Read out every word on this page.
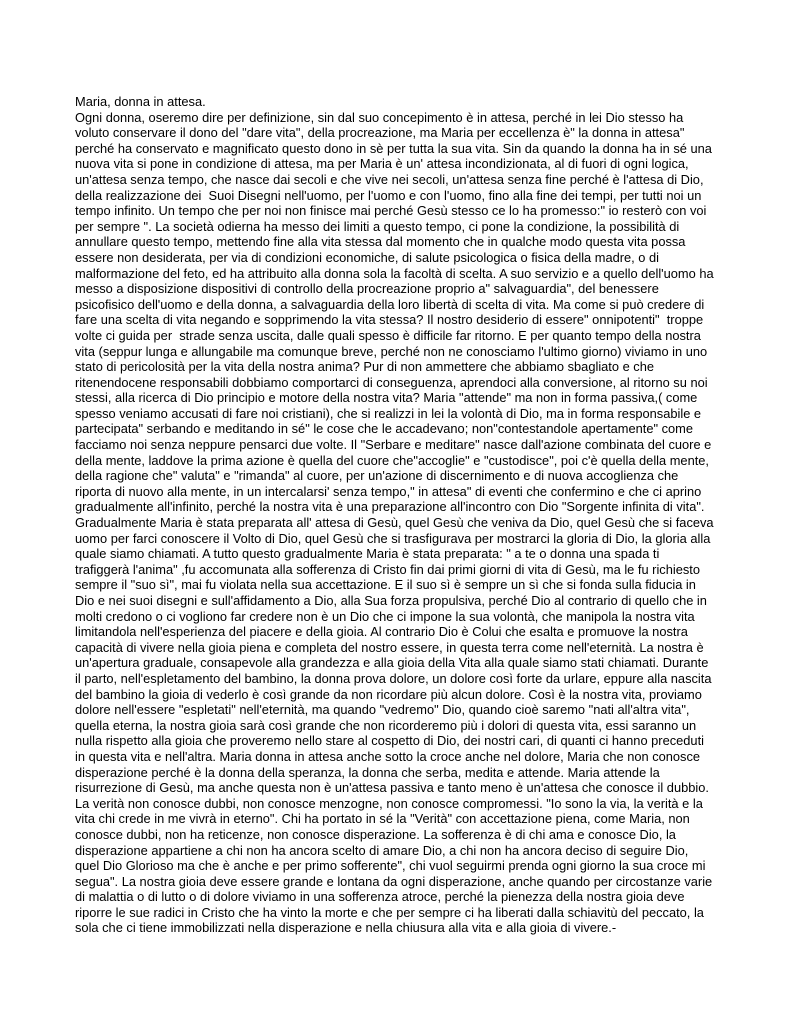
Maria, donna in attesa.
Ogni donna, oseremo dire per definizione, sin dal suo concepimento è in attesa, perché in lei Dio stesso ha
voluto conservare il dono del "dare vita", della procreazione, ma Maria per eccellenza è" la donna in attesa"
perché ha conservato e magnificato questo dono in sè per tutta la sua vita. Sin da quando la donna ha in sé una
nuova vita si pone in condizione di attesa, ma per Maria è un' attesa incondizionata, al di fuori di ogni logica,
un'attesa senza tempo, che nasce dai secoli e che vive nei secoli, un'attesa senza fine perché è l'attesa di Dio,
della realizzazione dei  Suoi Disegni nell'uomo, per l'uomo e con l'uomo, fino alla fine dei tempi, per tutti noi un
tempo infinito. Un tempo che per noi non finisce mai perché Gesù stesso ce lo ha promesso:" io resterò con voi
per sempre ". La società odierna ha messo dei limiti a questo tempo, ci pone la condizione, la possibilità di
annullare questo tempo, mettendo fine alla vita stessa dal momento che in qualche modo questa vita possa
essere non desiderata, per via di condizioni economiche, di salute psicologica o fisica della madre, o di
malformazione del feto, ed ha attribuito alla donna sola la facoltà di scelta. A suo servizio e a quello dell'uomo ha
messo a disposizione dispositivi di controllo della procreazione proprio a" salvaguardia", del benessere
psicofisico dell'uomo e della donna, a salvaguardia della loro libertà di scelta di vita. Ma come si può credere di
fare una scelta di vita negando e sopprimendo la vita stessa? Il nostro desiderio di essere" onnipotenti"  troppe
volte ci guida per  strade senza uscita, dalle quali spesso è difficile far ritorno. E per quanto tempo della nostra
vita (seppur lunga e allungabile ma comunque breve, perché non ne conosciamo l'ultimo giorno) viviamo in uno
stato di pericolosità per la vita della nostra anima? Pur di non ammettere che abbiamo sbagliato e che
ritenendocene responsabili dobbiamo comportarci di conseguenza, aprendoci alla conversione, al ritorno su noi
stessi, alla ricerca di Dio principio e motore della nostra vita? Maria "attende" ma non in forma passiva,( come
spesso veniamo accusati di fare noi cristiani), che si realizzi in lei la volontà di Dio, ma in forma responsabile e
partecipata" serbando e meditando in sé" le cose che le accadevano; non"contestandole apertamente" come
facciamo noi senza neppure pensarci due volte. Il "Serbare e meditare" nasce dall'azione combinata del cuore e
della mente, laddove la prima azione è quella del cuore che"accoglie" e "custodisce", poi c'è quella della mente,
della ragione che" valuta" e "rimanda" al cuore, per un'azione di discernimento e di nuova accoglienza che
riporta di nuovo alla mente, in un intercalarsi' senza tempo," in attesa" di eventi che confermino e che ci aprino
gradualmente all'infinito, perché la nostra vita è una preparazione all'incontro con Dio "Sorgente infinita di vita".
Gradualmente Maria è stata preparata all' attesa di Gesù, quel Gesù che veniva da Dio, quel Gesù che si faceva
uomo per farci conoscere il Volto di Dio, quel Gesù che si trasfigurava per mostrarci la gloria di Dio, la gloria alla
quale siamo chiamati. A tutto questo gradualmente Maria è stata preparata: " a te o donna una spada ti
trafiggerà l'anima" ,fu accomunata alla sofferenza di Cristo fin dai primi giorni di vita di Gesù, ma le fu richiesto
sempre il "suo sì", mai fu violata nella sua accettazione. E il suo sì è sempre un sì che si fonda sulla fiducia in
Dio e nei suoi disegni e sull'affidamento a Dio, alla Sua forza propulsiva, perché Dio al contrario di quello che in
molti credono o ci vogliono far credere non è un Dio che ci impone la sua volontà, che manipola la nostra vita
limitandola nell'esperienza del piacere e della gioia. Al contrario Dio è Colui che esalta e promuove la nostra
capacità di vivere nella gioia piena e completa del nostro essere, in questa terra come nell'eternità. La nostra è
un'apertura graduale, consapevole alla grandezza e alla gioia della Vita alla quale siamo stati chiamati. Durante
il parto, nell'espletamento del bambino, la donna prova dolore, un dolore così forte da urlare, eppure alla nascita
del bambino la gioia di vederlo è così grande da non ricordare più alcun dolore. Così è la nostra vita, proviamo
dolore nell'essere "espletati" nell'eternità, ma quando "vedremo" Dio, quando cioè saremo "nati all'altra vita",
quella eterna, la nostra gioia sarà così grande che non ricorderemo più i dolori di questa vita, essi saranno un
nulla rispetto alla gioia che proveremo nello stare al cospetto di Dio, dei nostri cari, di quanti ci hanno preceduti
in questa vita e nell'altra. Maria donna in attesa anche sotto la croce anche nel dolore, Maria che non conosce
disperazione perché è la donna della speranza, la donna che serba, medita e attende. Maria attende la
risurrezione di Gesù, ma anche questa non è un'attesa passiva e tanto meno è un'attesa che conosce il dubbio.
La verità non conosce dubbi, non conosce menzogne, non conosce compromessi. "Io sono la via, la verità e la
vita chi crede in me vivrà in eterno". Chi ha portato in sé la "Verità" con accettazione piena, come Maria, non
conosce dubbi, non ha reticenze, non conosce disperazione. La sofferenza è di chi ama e conosce Dio, la
disperazione appartiene a chi non ha ancora scelto di amare Dio, a chi non ha ancora deciso di seguire Dio,
quel Dio Glorioso ma che è anche e per primo sofferente", chi vuol seguirmi prenda ogni giorno la sua croce mi
segua". La nostra gioia deve essere grande e lontana da ogni disperazione, anche quando per circostanze varie
di malattia o di lutto o di dolore viviamo in una sofferenza atroce, perché la pienezza della nostra gioia deve
riporre le sue radici in Cristo che ha vinto la morte e che per sempre ci ha liberati dalla schiavitù del peccato, la
sola che ci tiene immobilizzati nella disperazione e nella chiusura alla vita e alla gioia di vivere.-
